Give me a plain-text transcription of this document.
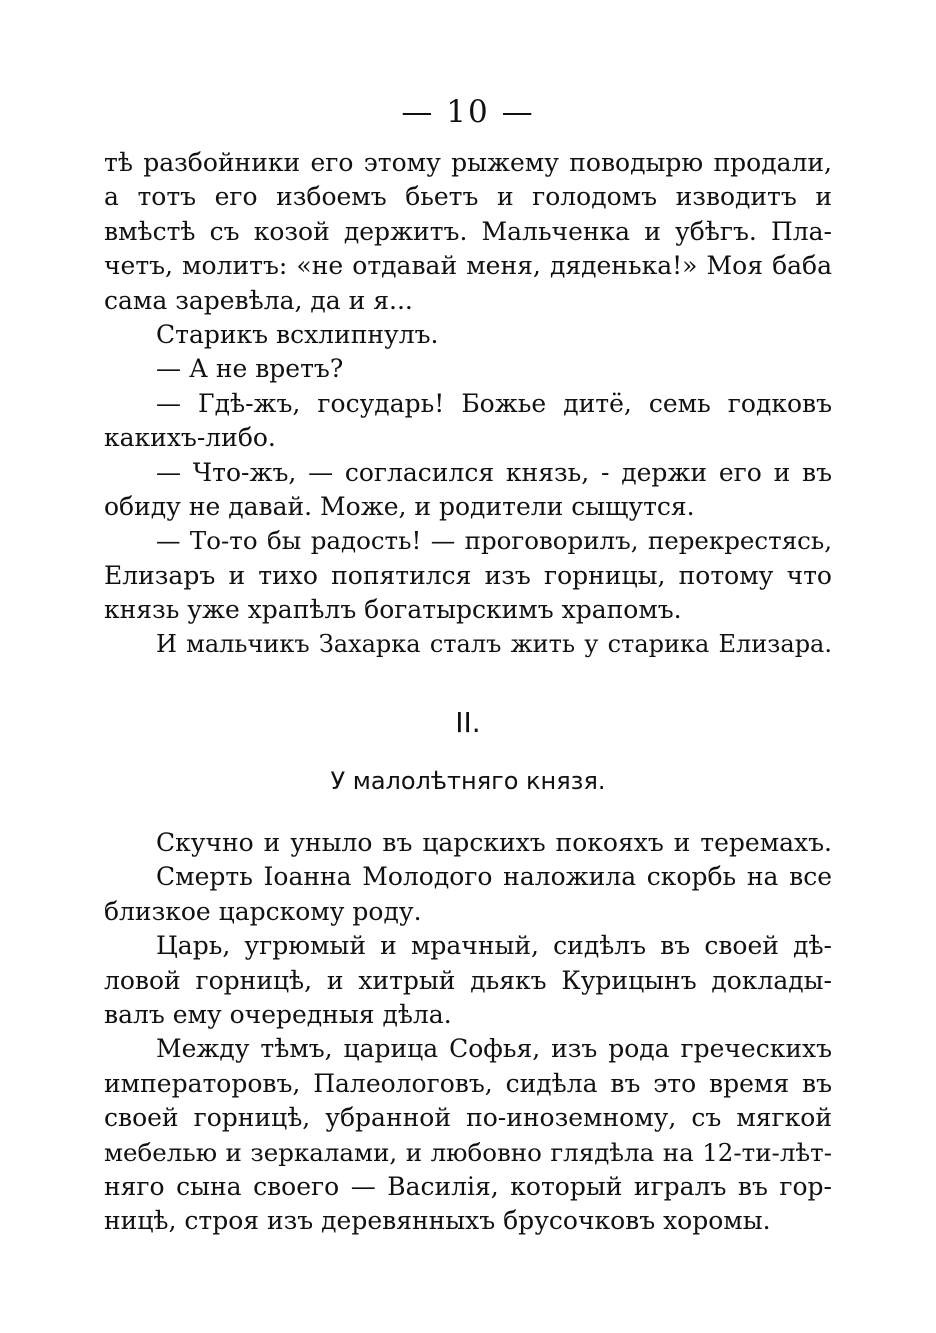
— 10 —
тѣ разбойники его этому рыжему поводырю продали,
а тотъ его избоемъ бьетъ и голодомъ изводитъ и
вмѣстѣ съ козой держитъ. Мальченка и убѣгъ. Пла-
четъ, молитъ: «не отдавай меня, дяденька!» Моя баба
сама заревѣла, да и я...
Старикъ всхлипнулъ.
— А не вретъ?
— Гдѣ-жъ, государь! Божье дитё, семь годковъ
какихъ-либо.
— Что-жъ, — согласился князь, - держи его и въ
обиду не давай. Може, и родители сыщутся.
— То-то бы радость! — проговорилъ, перекрестясь,
Елизаръ и тихо попятился изъ горницы, потому что
князь уже храпѣлъ богатырскимъ храпомъ.
И мальчикъ Захарка сталъ жить у старика Елизара.
II.
У малолѣтняго князя.
Скучно и уныло въ царскихъ покояхъ и теремахъ.
Смерть Іоанна Молодого наложила скорбь на все
близкое царскому роду.
Царь, угрюмый и мрачный, сидѣлъ въ своей дѣ-
ловой горницѣ, и хитрый дьякъ Курицынъ доклады-
валъ ему очередныя дѣла.
Между тѣмъ, царица Софья, изъ рода греческихъ
императоровъ, Палеологовъ, сидѣла въ это время въ
своей горницѣ, убранной по-иноземному, съ мягкой
мебелью и зеркалами, и любовно глядѣла на 12-ти-лѣт-
няго сына своего — Василія, который игралъ въ гор-
ницѣ, строя изъ деревянныхъ брусочковъ хоромы.
